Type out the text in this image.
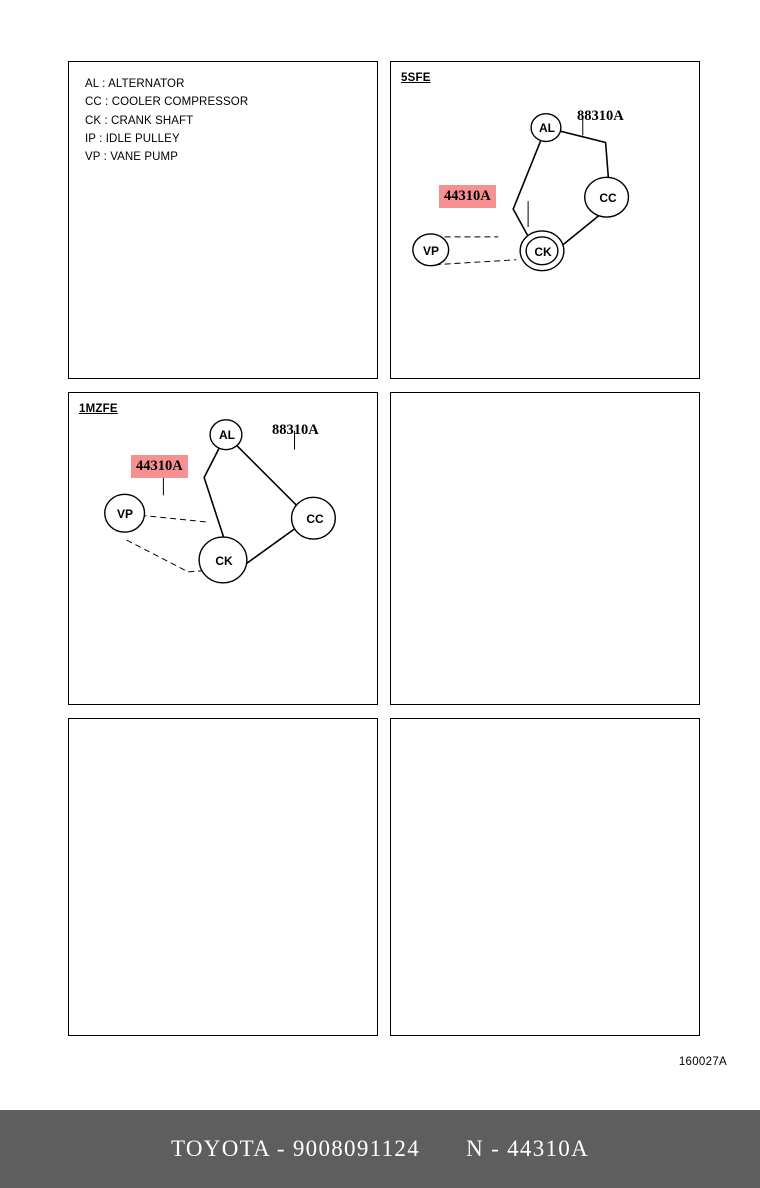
AL : ALTERNATOR
CC : COOLER COMPRESSOR
CK : CRANK SHAFT
IP : IDLE PULLEY
VP : VANE PUMP
5SFE
AL
CC
CK
VP
88310A
44310A
1MZFE
AL
CC
CK
VP
88310A
44310A
160027A
TOYOTA - 9008091124 N - 44310A
